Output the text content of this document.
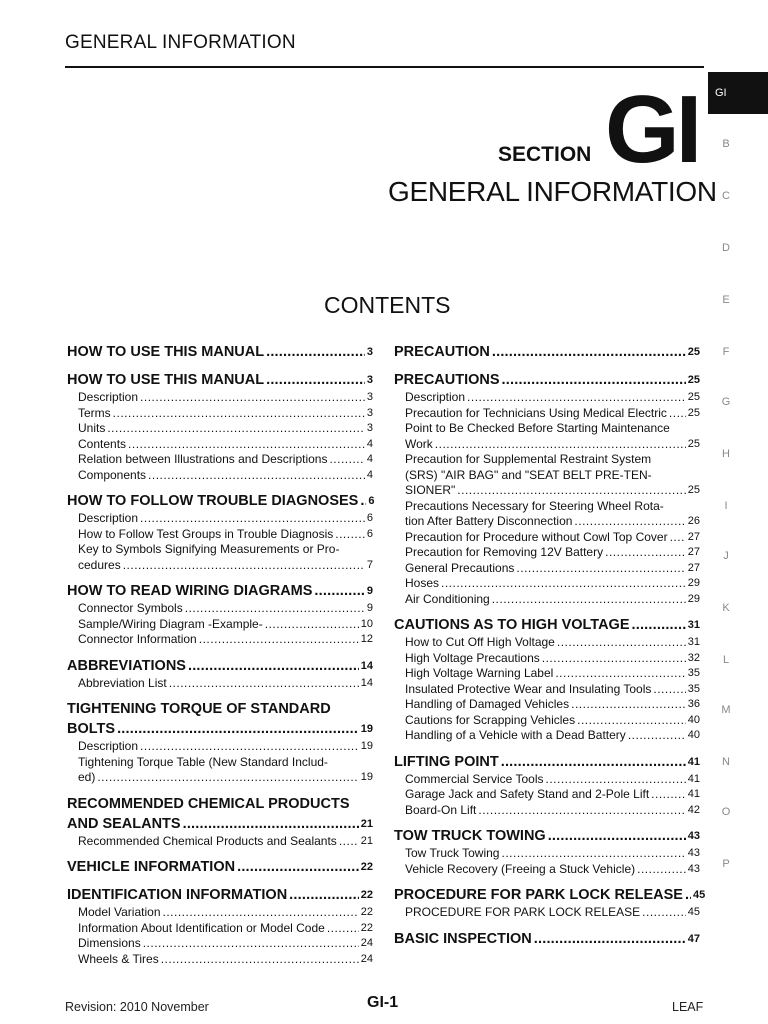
GENERAL INFORMATION
GI
B
C
D
E
F
G
H
I
J
K
L
M
N
O
P
SECTION GI
GENERAL INFORMATION
CONTENTS
HOW TO USE THIS MANUAL .....	3
HOW TO USE THIS MANUAL .....	3
Description .....	3
Terms .....	3
Units .....	3
Contents .....	4
Relation between Illustrations and Descriptions .....	4
Components .....	4
HOW TO FOLLOW TROUBLE DIAGNOSES ..... 6
Description .....	6
How to Follow Test Groups in Trouble Diagnosis .....	6
Key to Symbols Signifying Measurements or Pro-
cedures .....	7
HOW TO READ WIRING DIAGRAMS .....	9
Connector Symbols .....	9
Sample/Wiring Diagram -Example- .....	10
Connector Information .....	12
ABBREVIATIONS .....	14
Abbreviation List .....	14
TIGHTENING TORQUE OF STANDARD
BOLTS .....	19
Description .....	19
Tightening Torque Table (New Standard Includ-
ed) .....	19
RECOMMENDED CHEMICAL PRODUCTS
AND SEALANTS .....	21
Recommended Chemical Products and Sealants ..... 21
VEHICLE INFORMATION .....	22
IDENTIFICATION INFORMATION .....	22
Model Variation .....	22
Information About Identification or Model Code .....	22
Dimensions .....	24
Wheels & Tires .....	24
PRECAUTION .....	25
PRECAUTIONS .....	25
Description .....	25
Precaution for Technicians Using Medical Electric ..... 25
Point to Be Checked Before Starting Maintenance
Work .....	25
Precaution for Supplemental Restraint System
(SRS) "AIR BAG" and "SEAT BELT PRE-TEN-
SIONER" .....	25
Precautions Necessary for Steering Wheel Rota-
tion After Battery Disconnection .....	26
Precaution for Procedure without Cowl Top Cover ..... 27
Precaution for Removing 12V Battery .....	27
General Precautions .....	27
Hoses .....	29
Air Conditioning .....	29
CAUTIONS AS TO HIGH VOLTAGE .....	31
How to Cut Off High Voltage .....	31
High Voltage Precautions .....	32
High Voltage Warning Label .....	35
Insulated Protective Wear and Insulating Tools .....	35
Handling of Damaged Vehicles .....	36
Cautions for Scrapping Vehicles .....	40
Handling of a Vehicle with a Dead Battery .....	40
LIFTING POINT .....	41
Commercial Service Tools .....	41
Garage Jack and Safety Stand and 2-Pole Lift .....	41
Board-On Lift .....	42
TOW TRUCK TOWING .....	43
Tow Truck Towing .....	43
Vehicle Recovery (Freeing a Stuck Vehicle) .....	43
PROCEDURE FOR PARK LOCK RELEASE ..... 45
PROCEDURE FOR PARK LOCK RELEASE .....	45
BASIC INSPECTION .....	47
Revision: 2010 November	GI-1	LEAF
